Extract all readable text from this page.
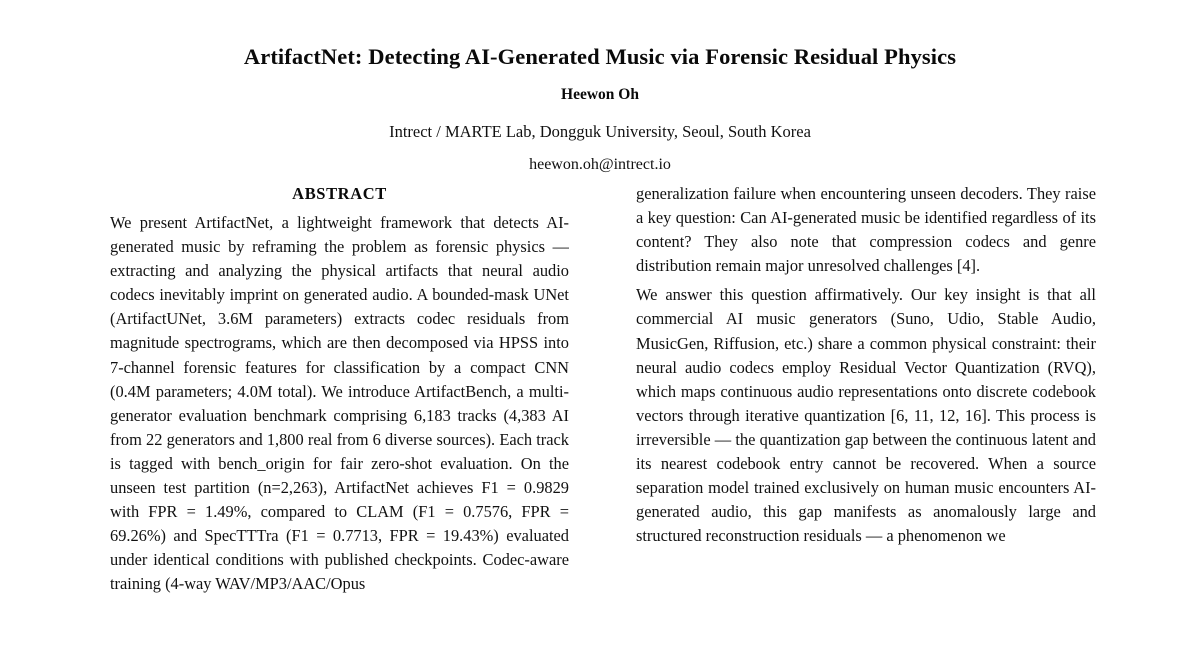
ArtifactNet: Detecting AI-Generated Music via Forensic Residual Physics

Heewon Oh

Intrect / MARTE Lab, Dongguk University, Seoul, South Korea

heewon.oh@intrect.io

ABSTRACT

We present ArtifactNet, a lightweight framework that detects AI-generated music by reframing the problem as forensic physics — extracting and analyzing the physical artifacts that neural audio codecs inevitably imprint on generated audio. A bounded-mask UNet (ArtifactUNet, 3.6M parameters) extracts codec residuals from magnitude spectrograms, which are then decomposed via HPSS into 7-channel forensic features for classification by a compact CNN (0.4M parameters; 4.0M total). We introduce ArtifactBench, a multi-generator evaluation benchmark comprising 6,183 tracks (4,383 AI from 22 generators and 1,800 real from 6 diverse sources). Each track is tagged with bench_origin for fair zero-shot evaluation. On the unseen test partition (n=2,263), ArtifactNet achieves F1 = 0.9829 with FPR = 1.49%, compared to CLAM (F1 = 0.7576, FPR = 69.26%) and SpecTTTra (F1 = 0.7713, FPR = 19.43%) evaluated under identical conditions with published checkpoints. Codec-aware training (4-way WAV/MP3/AAC/Opus

generalization failure when encountering unseen decoders. They raise a key question: Can AI-generated music be identified regardless of its content? They also note that compression codecs and genre distribution remain major unresolved challenges [4].

We answer this question affirmatively. Our key insight is that all commercial AI music generators (Suno, Udio, Stable Audio, MusicGen, Riffusion, etc.) share a common physical constraint: their neural audio codecs employ Residual Vector Quantization (RVQ), which maps continuous audio representations onto discrete codebook vectors through iterative quantization [6, 11, 12, 16]. This process is irreversible — the quantization gap between the continuous latent and its nearest codebook entry cannot be recovered. When a source separation model trained exclusively on human music encounters AI-generated audio, this gap manifests as anomalously large and structured reconstruction residuals — a phenomenon we
